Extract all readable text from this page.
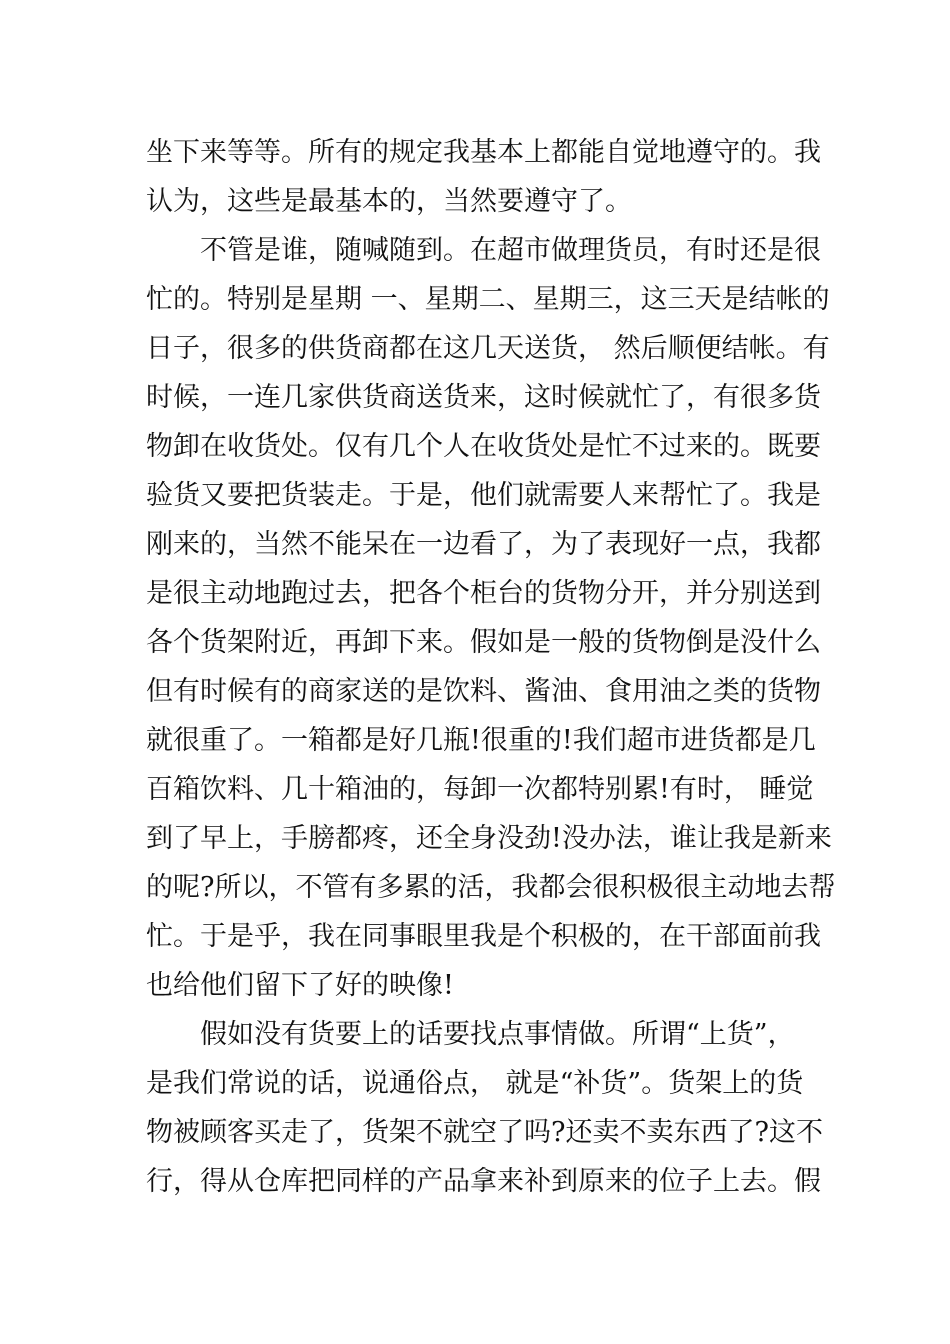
坐下来等等。所有的规定我基本上都能自觉地遵守的。我
认为，这些是最基本的，当然要遵守了。
　　不管是谁，随喊随到。在超市做理货员，有时还是很
忙的。特别是星期 一、星期二、星期三，这三天是结帐的
日子，很多的供货商都在这几天送货， 然后顺便结帐。有
时候，一连几家供货商送货来，这时候就忙了，有很多货
物卸在收货处。仅有几个人在收货处是忙不过来的。既要
验货又要把货装走。于是，他们就需要人来帮忙了。我是
刚来的，当然不能呆在一边看了，为了表现好一点，我都
是很主动地跑过去，把各个柜台的货物分开，并分别送到
各个货架附近，再卸下来。假如是一般的货物倒是没什么
但有时候有的商家送的是饮料、酱油、食用油之类的货物
就很重了。一箱都是好几瓶!很重的!我们超市进货都是几
百箱饮料、几十箱油的，每卸一次都特别累!有时， 睡觉
到了早上，手膀都疼，还全身没劲!没办法，谁让我是新来
的呢?所以，不管有多累的活，我都会很积极很主动地去帮
忙。于是乎，我在同事眼里我是个积极的，在干部面前我
也给他们留下了好的映像!
　　假如没有货要上的话要找点事情做。所谓“上货”，
是我们常说的话，说通俗点， 就是“补货”。货架上的货
物被顾客买走了，货架不就空了吗?还卖不卖东西了?这不
行，得从仓库把同样的产品拿来补到原来的位子上去。假
